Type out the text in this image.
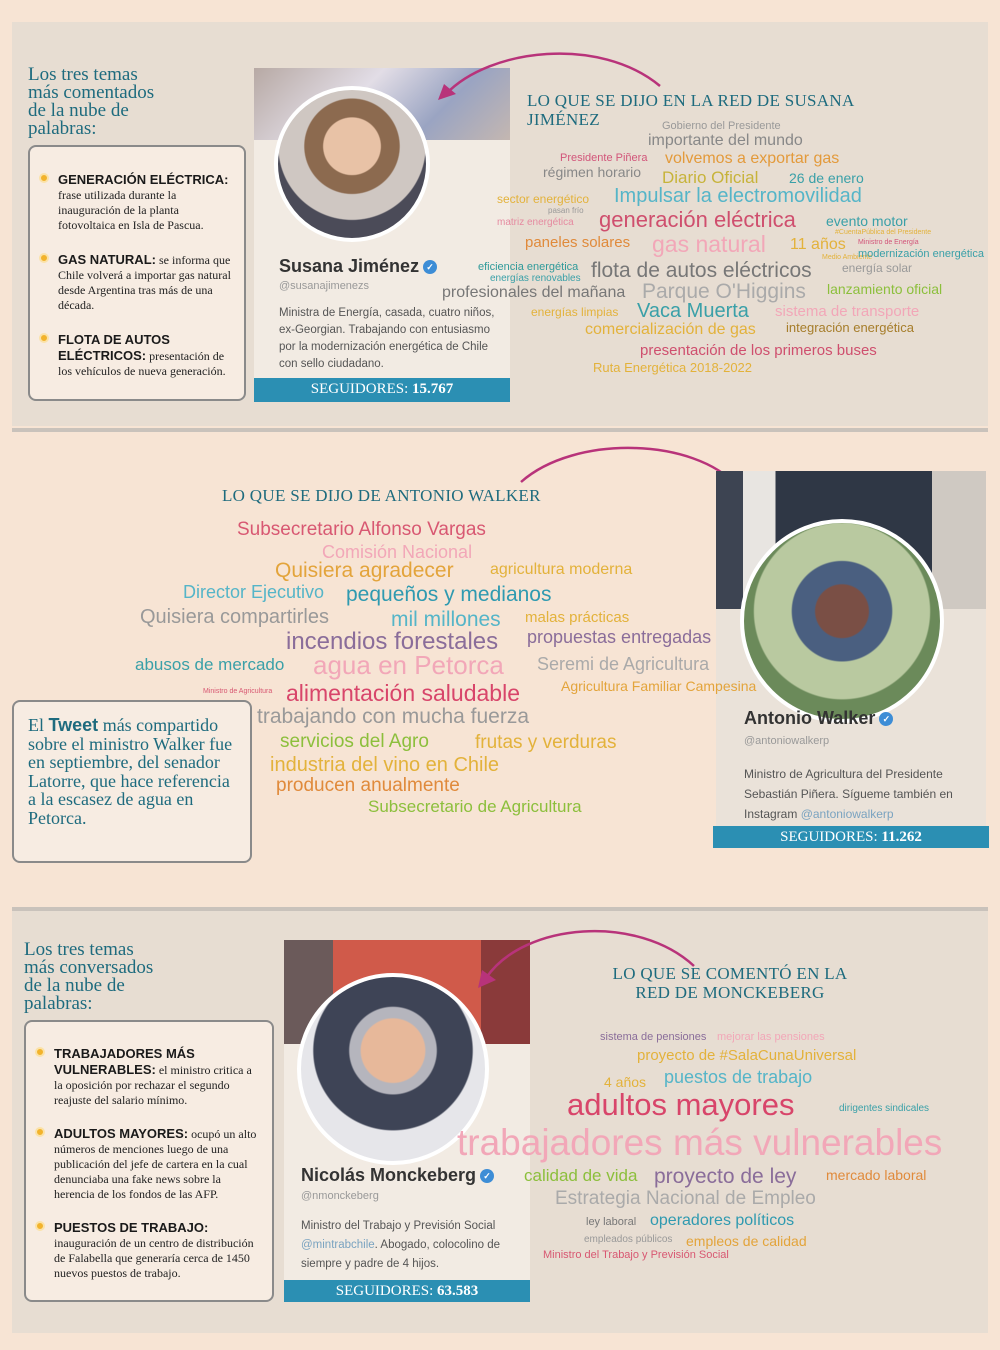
Los tres temas
más comentados
de la nube de
palabras:
GENERACIÓN ELÉCTRICA: frase utilizada durante la inauguración de la planta fotovoltaica en Isla de Pascua.
GAS NATURAL: se informa que Chile volverá a importar gas natural desde Argentina tras más de una década.
FLOTA DE AUTOS ELÉCTRICOS: presentación de los vehículos de nueva generación.
Susana Jiménez ✓
@susanajimenezs
Ministra de Energía, casada, cuatro niños, ex-Georgian. Trabajando con entusiasmo por la modernización energética de Chile con sello ciudadano.
SEGUIDORES: 15.767
LO QUE SE DIJO EN LA RED DE SUSANA JIMÉNEZ	Gobierno del Presidente
importante del mundo
Presidente Piñera volvemos a exportar gas
régimen horario Diario Oficial 26 de enero
sector energético Impulsar la electromovilidad
pasan frío
matriz energética generación eléctrica evento motor
#CuentaPública del Presidente
paneles solares gas natural 11 años Ministro de Energía
Medio Ambiente
modernización energética
eficiencia energética
energías renovables flota de autos eléctricos	energía solar
profesionales del mañana Parque O'Higgins lanzamiento oficial
energías limpias Vaca Muerta sistema de transporte
comercialización de gas integración energética
presentación de los primeros buses
Ruta Energética 2018-2022
LO QUE SE DIJO DE ANTONIO WALKER
Antonio Walker ✓
@antoniowalkerp
Ministro de Agricultura del Presidente Sebastián Piñera. Sígueme también en Instagram @antoniowalkerp
SEGUIDORES: 11.262
Subsecretario Alfonso Vargas
Comisión Nacional
Quisiera agradecer agricultura moderna
Director Ejecutivo pequeños y medianos
Quisiera compartirles	mil millones malas prácticas
incendios forestales propuestas entregadas
abusos de mercado agua en Petorca Seremi de Agricultura
Ministro de Agricultura alimentación saludable	Agricultura Familiar Campesina
trabajando con mucha fuerza
servicios del Agro frutas y verduras
industria del vino en Chile
producen anualmente
Subsecretario de Agricultura
El Tweet más compartido sobre el ministro Walker fue en septiembre, del senador Latorre, que hace referencia a la escasez de agua en Petorca.
Los tres temas
más conversados
de la nube de
palabras:
TRABAJADORES MÁS VULNERABLES: el ministro critica a la oposición por rechazar el segundo reajuste del salario mínimo.
ADULTOS MAYORES: ocupó un alto números de menciones luego de una publicación del jefe de cartera en la cual denunciaba una fake news sobre la herencia de los fondos de las AFP.
PUESTOS DE TRABAJO: inauguración de un centro de distribución de Falabella que generaría cerca de 1450 nuevos puestos de trabajo.
Nicolás Monckeberg ✓
@nmonckeberg
Ministro del Trabajo y Previsión Social @mintrabchile. Abogado, colocolino de siempre y padre de 4 hijos.
SEGUIDORES: 63.583
LO QUE SE COMENTÓ EN LA
RED DE MONCKEBERG
sistema de pensiones mejorar las pensiones
proyecto de #SalaCunaUniversal
4 años puestos de trabajo
adultos mayores	dirigentes sindicales
trabajadores más vulnerables
calidad de vida proyecto de ley mercado laboral
Estrategia Nacional de Empleo
ley laboral operadores políticos
empleados públicos empleos de calidad
Ministro del Trabajo y Previsión Social
